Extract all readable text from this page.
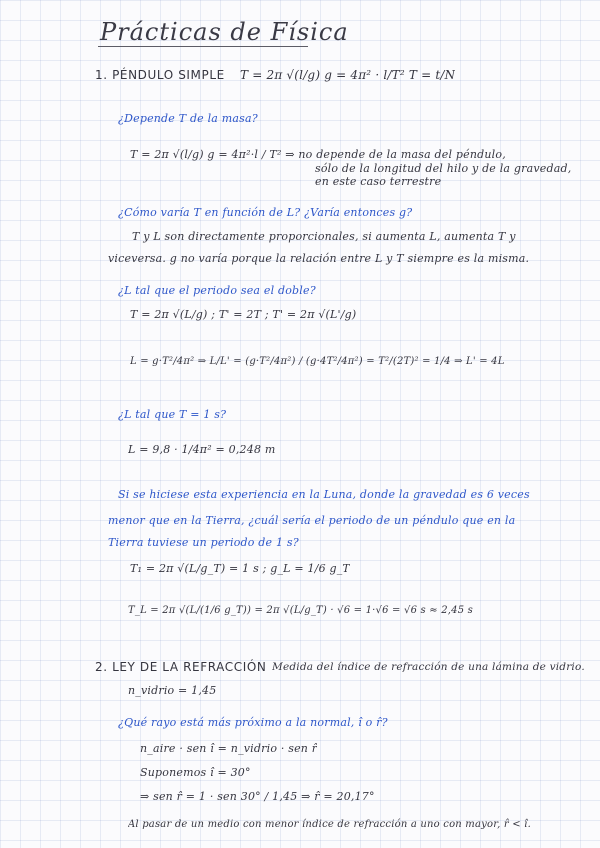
Prácticas de Física
1. PÉNDULO SIMPLE T = 2π √(l/g) g = 4π² · l/T² T = t/N
¿Depende T de la masa?
T = 2π √(l/g) g = 4π²·l / T² ⇒ no depende de la masa del péndulo,
sólo de la longitud del hilo y de la gravedad,
en este caso terrestre
¿Cómo varía T en función de L? ¿Varía entonces g?
T y L son directamente proporcionales, si aumenta L, aumenta T y
viceversa. g no varía porque la relación entre L y T siempre es la misma.
¿L tal que el periodo sea el doble?
T = 2π √(L/g) ; T' = 2T ; T' = 2π √(L'/g)
L = g·T²/4π² ⇒ L/L' = (g·T²/4π²) / (g·4T²/4π²) = T²/(2T)² = 1/4 ⇒ L' = 4L
¿L tal que T = 1 s?
L = 9,8 · 1/4π² = 0,248 m
Si se hiciese esta experiencia en la Luna, donde la gravedad es 6 veces
menor que en la Tierra, ¿cuál sería el periodo de un péndulo que en la
Tierra tuviese un periodo de 1 s?
T₁ = 2π √(L/g_T) = 1 s ; g_L = 1/6 g_T
T_L = 2π √(L/(1/6 g_T)) = 2π √(L/g_T) · √6 = 1·√6 = √6 s ≈ 2,45 s
2. LEY DE LA REFRACCIÓN Medida del índice de refracción de una lámina de vidrio.
n_vidrio = 1,45
¿Qué rayo está más próximo a la normal, î o r̂?
n_aire · sen î = n_vidrio · sen r̂
Suponemos î = 30°
⇒ sen r̂ = 1 · sen 30° / 1,45 ⇒ r̂ = 20,17°
Al pasar de un medio con menor índice de refracción a uno con mayor, r̂ < î.
